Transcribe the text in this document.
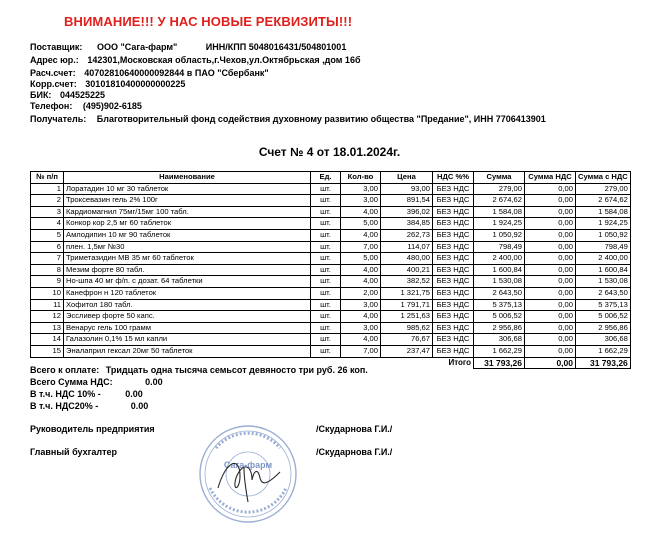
ВНИМАНИЕ!!! У НАС НОВЫЕ РЕКВИЗИТЫ!!!
Поставщик: ООО "Сага-фарм"	ИНН/КПП 5048016431/504801001
Адрес юр.: 142301,Московская область,г.Чехов,ул.Октябрьская ,дом 16б
Расч.счет: 40702810640000092844 в ПАО "Сбербанк"
Корр.счет: 30101810400000000225
БИК: 044525225
Телефон: (495)902-6185
Получатель: Благотворительный фонд содействия духовному развитию общества "Предание", ИНН 7706413901
Счет № 4 от 18.01.2024г.
№ п/п	Наименование	Ед.	Кол-во	Цена	НДС %%	Сумма	Сумма НДС	Сумма с НДС
1	Лоратадин 10 мг 30 таблеток	шт.	3,00	93,00	БЕЗ НДС	279,00	0,00	279,00
2	Троксевазин гель 2% 100г	шт.	3,00	891,54	БЕЗ НДС	2 674,62	0,00	2 674,62
3	Кардиомагнил 75мг/15мг 100 табл.	шт.	4,00	396,02	БЕЗ НДС	1 584,08	0,00	1 584,08
4	Конкор кор 2,5 мг 60 таблеток	шт.	5,00	384,85	БЕЗ НДС	1 924,25	0,00	1 924,25
5	Амлодипин 10 мг 90 таблеток	шт.	4,00	262,73	БЕЗ НДС	1 050,92	0,00	1 050,92
6	плен. 1,5мг №30	шт.	7,00	114,07	БЕЗ НДС	798,49	0,00	798,49
7	Триметазидин МВ 35 мг 60 таблеток	шт.	5,00	480,00	БЕЗ НДС	2 400,00	0,00	2 400,00
8	Мезим форте 80 табл.	шт.	4,00	400,21	БЕЗ НДС	1 600,84	0,00	1 600,84
9	Но-шпа 40 мг ф/п. с дозат. 64 таблетки	шт.	4,00	382,52	БЕЗ НДС	1 530,08	0,00	1 530,08
10	Канефрон н 120 таблеток	шт.	2,00	1 321,75	БЕЗ НДС	2 643,50	0,00	2 643,50
11	Хофитол 180 табл.	шт.	3,00	1 791,71	БЕЗ НДС	5 375,13	0,00	5 375,13
12	Эссливер форте 50 капс.	шт.	4,00	1 251,63	БЕЗ НДС	5 006,52	0,00	5 006,52
13	Венарус гель 100 грамм	шт.	3,00	985,62	БЕЗ НДС	2 956,86	0,00	2 956,86
14	Галазолин 0,1% 15 мл капли	шт.	4,00	76,67	БЕЗ НДС	306,68	0,00	306,68
15	Эналаприл гексал 20мг 50 таблеток	шт.	7,00	237,47	БЕЗ НДС	1 662,29	0,00	1 662,29
Итого						31 793,26	0,00	31 793,26
Всего к оплате: Тридцать одна тысяча семьсот девяносто три руб. 26 коп.
Всего Сумма НДС:	0.00
В т.ч. НДС 10% -	0.00
В т.ч. НДС20% -	0.00
Руководитель предприятия	/Скударнова Г.И./
Главный бухгалтер	/Скударнова Г.И./
Сага-фарм
